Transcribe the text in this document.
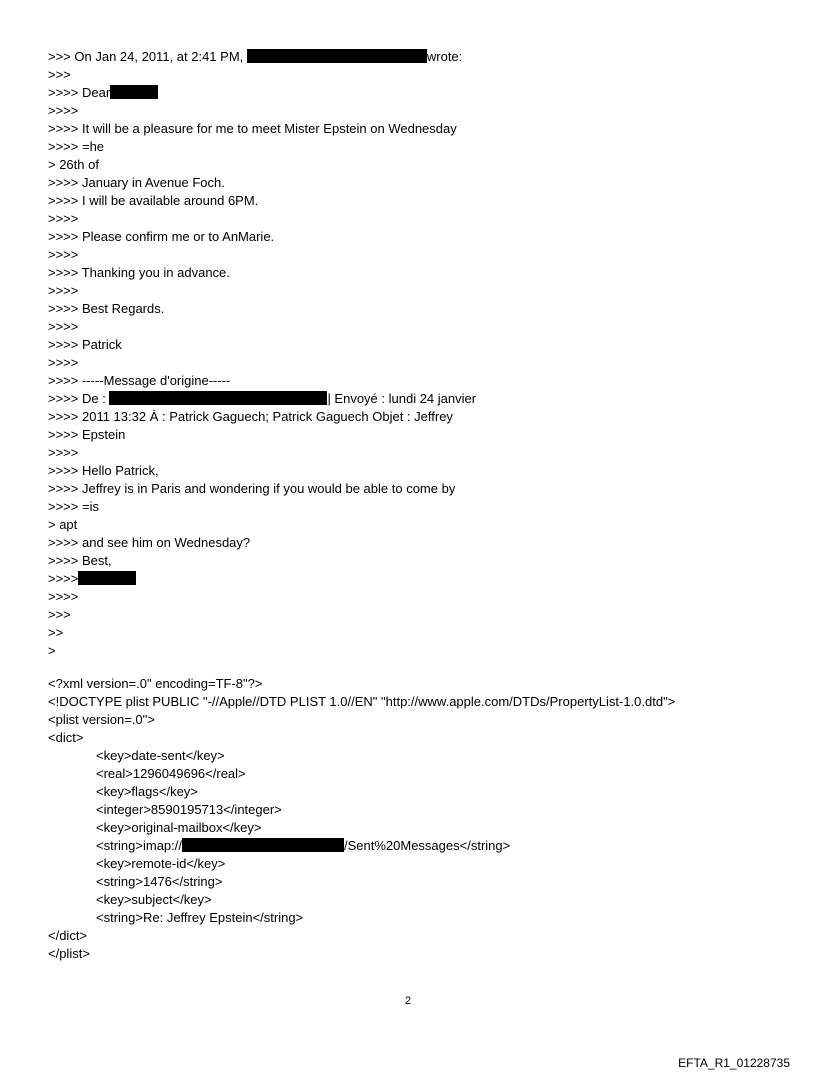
>>> On Jan 24, 2011, at 2:41 PM,	wrote:
>>>
>>>> Dear
>>>>
>>>> It will be a pleasure for me to meet Mister Epstein on Wednesday
>>>> =he
> 26th of
>>>> January in Avenue Foch.
>>>> I will be available around 6PM.
>>>>
>>>> Please confirm me or to AnMarie.
>>>>
>>>> Thanking you in advance.
>>>>
>>>> Best Regards.
>>>>
>>>> Patrick
>>>>
>>>> -----Message d'origine-----
>>>> De :	| Envoyé : lundi 24 janvier
>>>> 2011 13:32 À : Patrick Gaguech; Patrick Gaguech Objet : Jeffrey
>>>> Epstein
>>>>
>>>> Hello Patrick,
>>>> Jeffrey is in Paris and wondering if you would be able to come by
>>>> =is
> apt
>>>> and see him on Wednesday?
>>>> Best,
>>>>
>>>>
>>>
>>
>
<?xml version=.0" encoding=TF-8"?>
<!DOCTYPE plist PUBLIC "-//Apple//DTD PLIST 1.0//EN" "http://www.apple.com/DTDs/PropertyList-1.0.dtd">
<plist version=.0">
<dict>
<key>date-sent</key>
<real>1296049696</real>
<key>flags</key>
<integer>8590195713</integer>
<key>original-mailbox</key>
<string>imap://	/Sent%20Messages</string>
<key>remote-id</key>
<string>1476</string>
<key>subject</key>
<string>Re: Jeffrey Epstein</string>
</dict>
</plist>
2
EFTA_R1_01228735
